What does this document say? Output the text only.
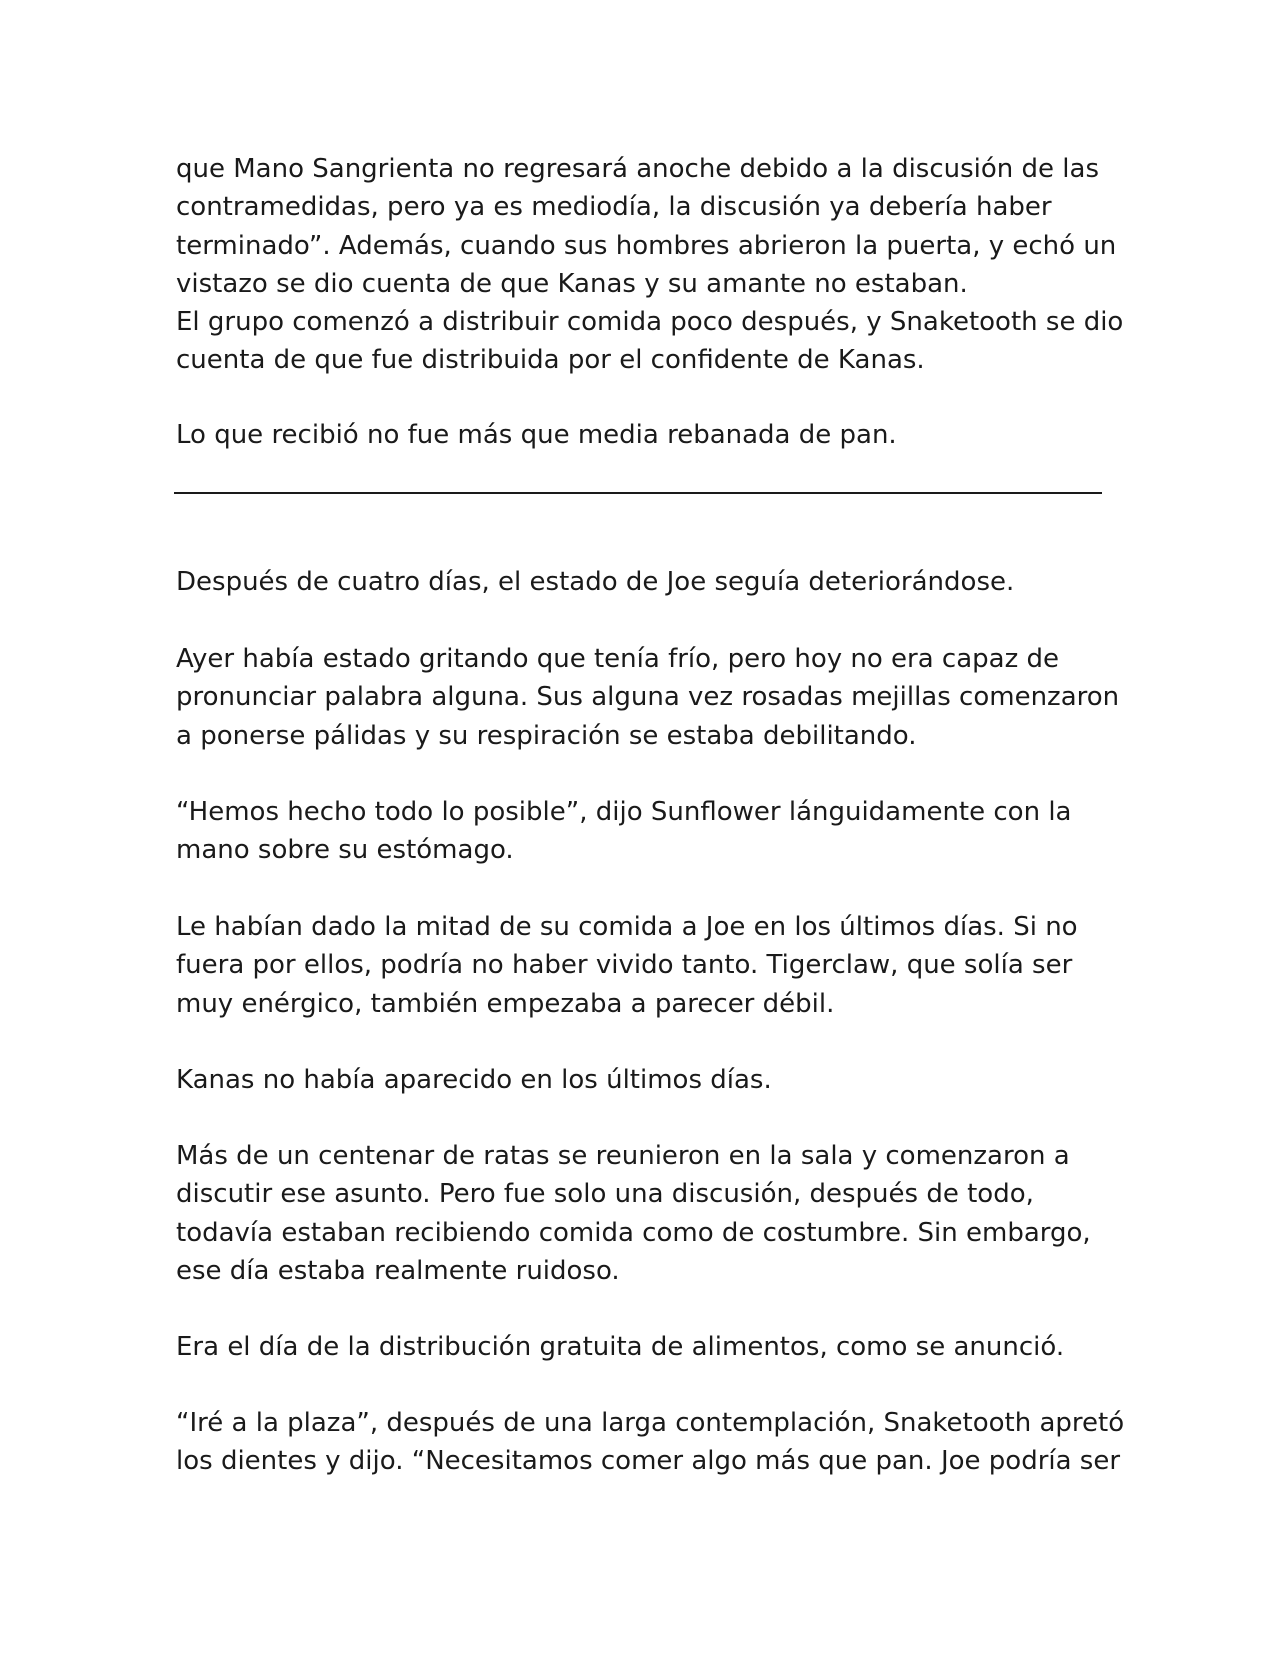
que Mano Sangrienta no regresará anoche debido a la discusión de las
contramedidas, pero ya es mediodía, la discusión ya debería haber
terminado”. Además, cuando sus hombres abrieron la puerta, y echó un
vistazo se dio cuenta de que Kanas y su amante no estaban.
El grupo comenzó a distribuir comida poco después, y Snaketooth se dio
cuenta de que fue distribuida por el confidente de Kanas.

Lo que recibió no fue más que media rebanada de pan.

Después de cuatro días, el estado de Joe seguía deteriorándose.

Ayer había estado gritando que tenía frío, pero hoy no era capaz de
pronunciar palabra alguna. Sus alguna vez rosadas mejillas comenzaron
a ponerse pálidas y su respiración se estaba debilitando.

“Hemos hecho todo lo posible”, dijo Sunflower lánguidamente con la
mano sobre su estómago.

Le habían dado la mitad de su comida a Joe en los últimos días. Si no
fuera por ellos, podría no haber vivido tanto. Tigerclaw, que solía ser
muy enérgico, también empezaba a parecer débil.

Kanas no había aparecido en los últimos días.

Más de un centenar de ratas se reunieron en la sala y comenzaron a
discutir ese asunto. Pero fue solo una discusión, después de todo,
todavía estaban recibiendo comida como de costumbre. Sin embargo,
ese día estaba realmente ruidoso.

Era el día de la distribución gratuita de alimentos, como se anunció.

“Iré a la plaza”, después de una larga contemplación, Snaketooth apretó
los dientes y dijo. “Necesitamos comer algo más que pan. Joe podría ser
